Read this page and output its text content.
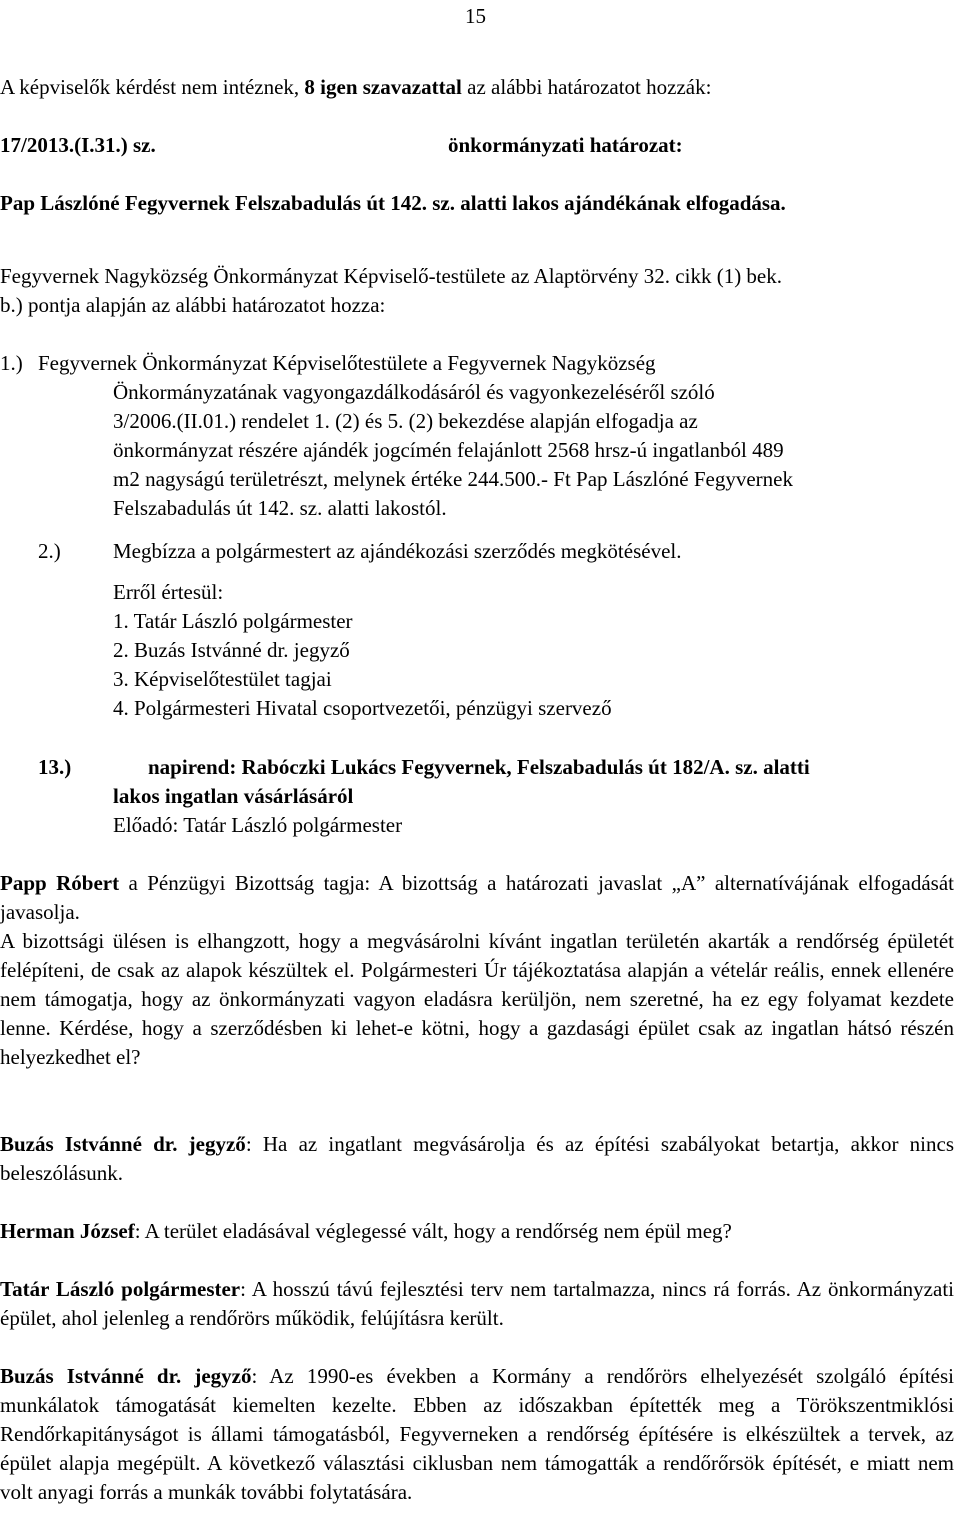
15
A képviselők kérdést nem intéznek, 8 igen szavazattal az alábbi határozatot hozzák:
17/2013.(I.31.) sz.	önkormányzati határozat:
Pap Lászlóné Fegyvernek Felszabadulás út 142. sz. alatti lakos ajándékának elfogadása.
Fegyvernek Nagyközség Önkormányzat Képviselő-testülete az Alaptörvény 32. cikk (1) bek.
b.) pontja alapján az alábbi határozatot hozza:
1.) Fegyvernek Önkormányzat Képviselőtestülete a Fegyvernek Nagyközség
Önkormányzatának vagyongazdálkodásáról és vagyonkezeléséről szóló
3/2006.(II.01.) rendelet 1. (2) és 5. (2) bekezdése alapján elfogadja az
önkormányzat részére ajándék jogcímén felajánlott 2568 hrsz-ú ingatlanból 489
m2 nagyságú területrészt, melynek értéke 244.500.- Ft Pap Lászlóné Fegyvernek
Felszabadulás út 142. sz. alatti lakostól.
2.) Megbízza a polgármestert az ajándékozási szerződés megkötésével.
Erről értesül:
1. Tatár László polgármester
2. Buzás Istvánné dr. jegyző
3. Képviselőtestület tagjai
4. Polgármesteri Hivatal csoportvezetői, pénzügyi szervező
13.)	napirend: Rabóczki Lukács Fegyvernek, Felszabadulás út 182/A. sz. alatti
lakos ingatlan vásárlásáról
Előadó: Tatár László polgármester
Papp Róbert a Pénzügyi Bizottság tagja: A bizottság a határozati javaslat „A” alternatívájának elfogadását javasolja.
A bizottsági ülésen is elhangzott, hogy a megvásárolni kívánt ingatlan területén akarták a rendőrség épületét felépíteni, de csak az alapok készültek el. Polgármesteri Úr tájékoztatása alapján a vételár reális, ennek ellenére nem támogatja, hogy az önkormányzati vagyon eladásra kerüljön, nem szeretné, ha ez egy folyamat kezdete lenne. Kérdése, hogy a szerződésben ki lehet-e kötni, hogy a gazdasági épület csak az ingatlan hátsó részén helyezkedhet el?
Buzás Istvánné dr. jegyző: Ha az ingatlant megvásárolja és az építési szabályokat betartja, akkor nincs beleszólásunk.
Herman József: A terület eladásával véglegessé vált, hogy a rendőrség nem épül meg?
Tatár László polgármester: A hosszú távú fejlesztési terv nem tartalmazza, nincs rá forrás. Az önkormányzati épület, ahol jelenleg a rendőrörs működik, felújításra került.
Buzás Istvánné dr. jegyző: Az 1990-es években a Kormány a rendőrörs elhelyezését szolgáló építési munkálatok támogatását kiemelten kezelte. Ebben az időszakban építették meg a Törökszentmiklósi Rendőrkapitányságot is állami támogatásból, Fegyverneken a rendőrség építésére is elkészültek a tervek, az épület alapja megépült. A következő választási ciklusban nem támogatták a rendőrőrsök építését, e miatt nem volt anyagi forrás a munkák további folytatására.
